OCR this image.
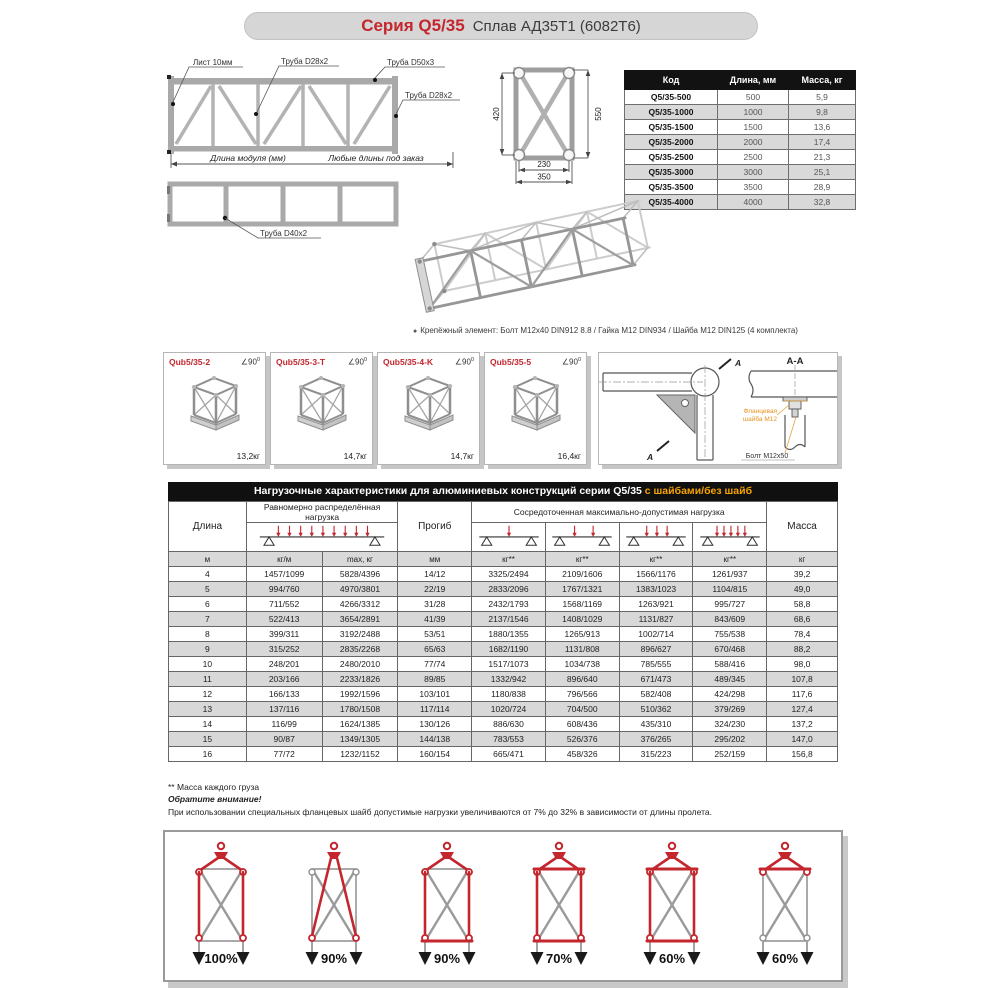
Серия Q5/35 Сплав АД35Т1 (6082Т6)
Лист 10мм	Труба D28х2	Труба D50х3
Труба D28х2
Длина модуля (мм)	Любые длины под заказ
420	550
230
350
Код	Длина, мм	Масса, кг
Q5/35-500	500	5,9
Q5/35-1000	1000	9,8
Q5/35-1500	1500	13,6
Q5/35-2000	2000	17,4
Q5/35-2500	2500	21,3
Q5/35-3000	3000	25,1
Q5/35-3500	3500	28,9
Q5/35-4000	4000	32,8
Труба D40х2
● Крепёжный элемент: Болт М12х40 DIN912 8.8 / Гайка М12 DIN934 / Шайба М12 DIN125 (4 комплекта)
Qub5/35-2	$\angle 90^0$
13,2кг
Qub5/35-3-T	$\angle 90^0$
14,7кг
Qub5/35-4-K	$\angle 90^0$
14,7кг
Qub5/35-5	$\angle 90^0$
16,4кг
A
A
А-А
Фланцевая
шайба М12
Болт М12х50
Нагрузочные характеристики для алюминиевых конструкций серии Q5/35 с шайбами/без шайб
Длина	Равномерно распределённая нагрузка		Прогиб	Сосредоточенная максимально-допустимая нагрузка				Масса

м	кг/м	max, кг	мм	кг**	кг**	кг**	кг**	кг
4	1457/1099	5828/4396	14/12	3325/2494	2109/1606	1566/1176	1261/937	39,2
5	994/760	4970/3801	22/19	2833/2096	1767/1321	1383/1023	1104/815	49,0
6	711/552	4266/3312	31/28	2432/1793	1568/1169	1263/921	995/727	58,8
7	522/413	3654/2891	41/39	2137/1546	1408/1029	1131/827	843/609	68,6
8	399/311	3192/2488	53/51	1880/1355	1265/913	1002/714	755/538	78,4
9	315/252	2835/2268	65/63	1682/1190	1131/808	896/627	670/468	88,2
10	248/201	2480/2010	77/74	1517/1073	1034/738	785/555	588/416	98,0
11	203/166	2233/1826	89/85	1332/942	896/640	671/473	489/345	107,8
12	166/133	1992/1596	103/101	1180/838	796/566	582/408	424/298	117,6
13	137/116	1780/1508	117/114	1020/724	704/500	510/362	379/269	127,4
14	116/99	1624/1385	130/126	886/630	608/436	435/310	324/230	137,2
15	90/87	1349/1305	144/138	783/553	526/376	376/265	295/202	147,0
16	77/72	1232/1152	160/154	665/471	458/326	315/223	252/159	156,8
** Масса каждого груза
Обратите внимание!
При использовании специальных фланцевых шайб допустимые нагрузки увеличиваются от 7% до 32% в зависимости от длины пролета.
100%	90%	90%	70%	60%	60%
